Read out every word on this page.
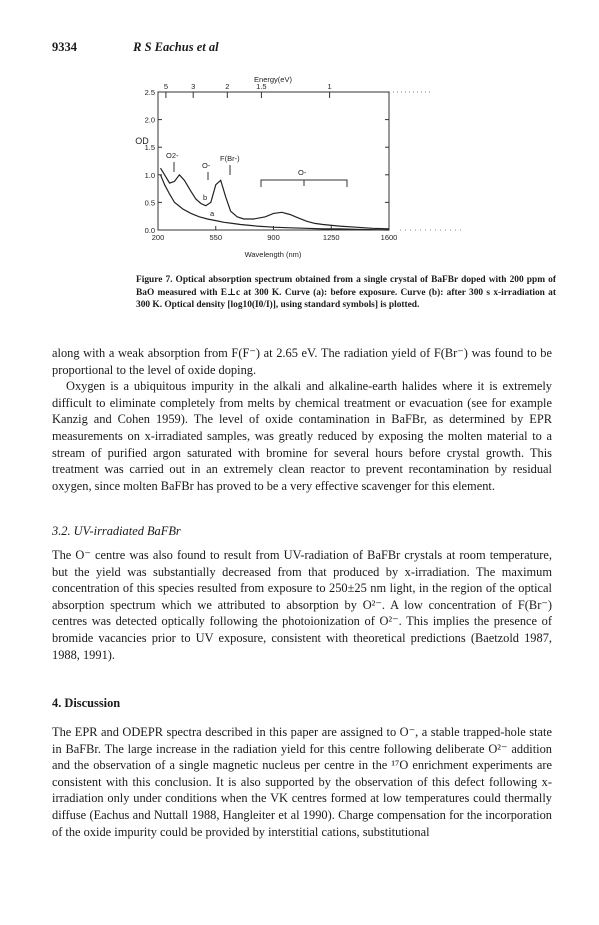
9334	R S Eachus et al
200	550	900	1250	1600
0.0
0.5
1.0
1.5
2.0
2.5
5	3	2	1.5	1
O2-
O-
F(Br-)
O-
b
a
Energy(eV)
Wavelength (nm)
OD
Figure 7. Optical absorption spectrum obtained from a single crystal of BaFBr doped with 200 ppm of BaO measured with E⊥c at 300 K. Curve (a): before exposure. Curve (b): after 300 s x-irradiation at 300 K. Optical density [log10(I0/I)], using standard symbols] is plotted.

along with a weak absorption from F(F⁻) at 2.65 eV. The radiation yield of F(Br⁻) was found to be proportional to the level of oxide doping.

Oxygen is a ubiquitous impurity in the alkali and alkaline-earth halides where it is extremely difficult to eliminate completely from melts by chemical treatment or evacuation (see for example Kanzig and Cohen 1959). The level of oxide contamination in BaFBr, as determined by EPR measurements on x-irradiated samples, was greatly reduced by exposing the molten material to a stream of purified argon saturated with bromine for several hours before crystal growth. This treatment was carried out in an extremely clean reactor to prevent recontamination by residual oxygen, since molten BaFBr has proved to be a very effective scavenger for this element.

3.2. UV-irradiated BaFBr

The O⁻ centre was also found to result from UV-radiation of BaFBr crystals at room temperature, but the yield was substantially decreased from that produced by x-irradiation. The maximum concentration of this species resulted from exposure to 250±25 nm light, in the region of the optical absorption spectrum which we attributed to absorption by O²⁻. A low concentration of F(Br⁻) centres was detected optically following the photoionization of O²⁻. This implies the presence of bromide vacancies prior to UV exposure, consistent with theoretical predictions (Baetzold 1987, 1988, 1991).

4. Discussion

The EPR and ODEPR spectra described in this paper are assigned to O⁻, a stable trapped-hole state in BaFBr. The large increase in the radiation yield for this centre following deliberate O²⁻ addition and the observation of a single magnetic nucleus per centre in the ¹⁷O enrichment experiments are consistent with this conclusion. It is also supported by the observation of this defect following x-irradiation only under conditions when the VK centres formed at low temperatures could thermally diffuse (Eachus and Nuttall 1988, Hangleiter et al 1990). Charge compensation for the incorporation of the oxide impurity could be provided by interstitial cations, substitutional
